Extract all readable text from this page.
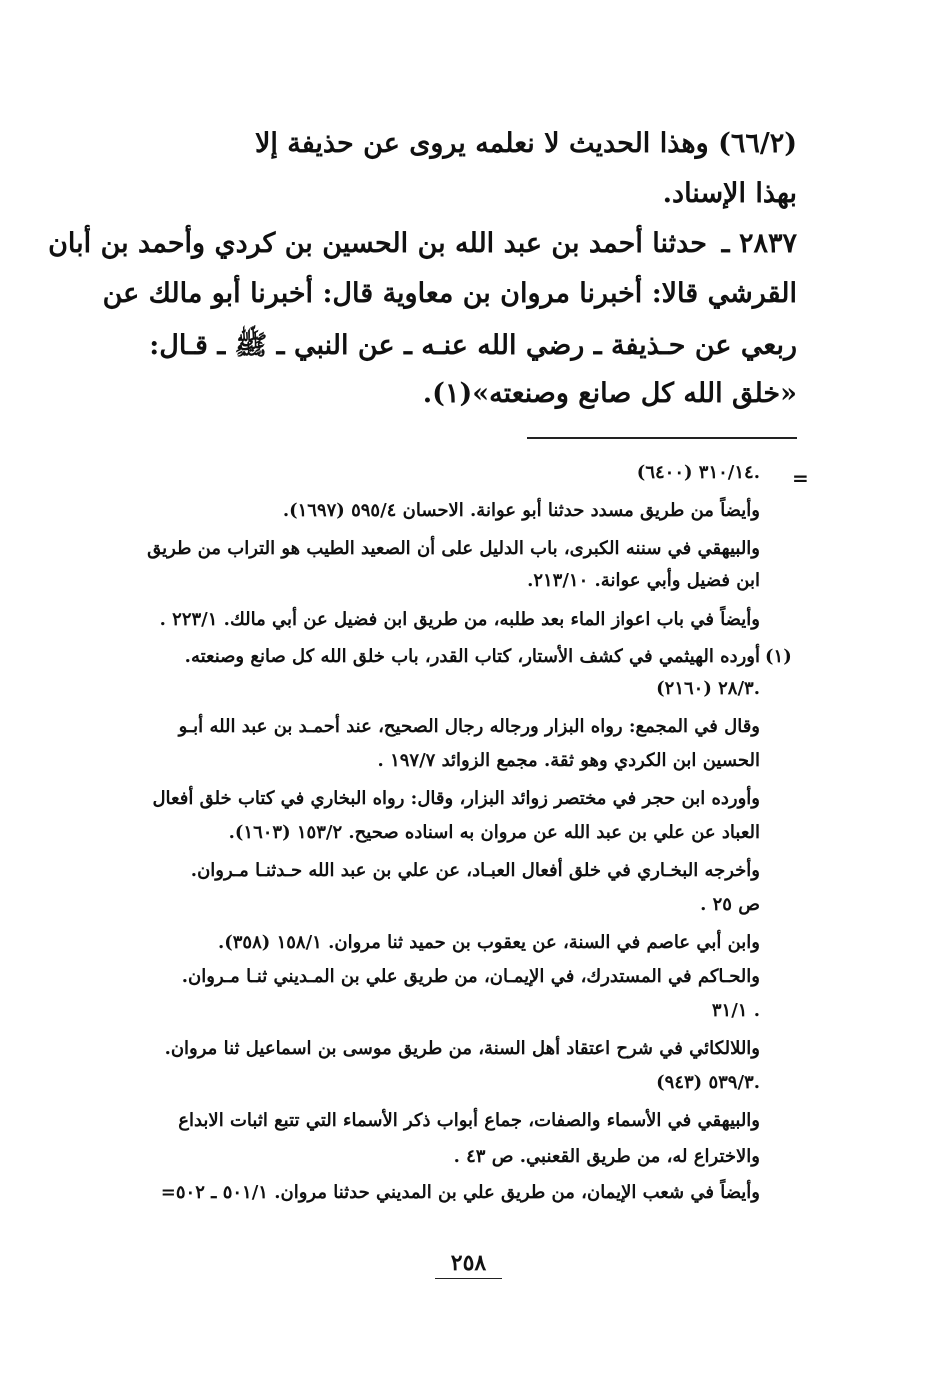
(٦٦/٢) وهذا الحديث لا نعلمه يروى عن حذيفة إلا
بهذا الإسناد.
٢٨٣٧ ـ
حدثنا أحمد بن عبد الله بن الحسين بن كردي وأحمد بن أبان
القرشي قالا: أخبرنا مروان بن معاوية قال: أخبرنا أبو مالك عن
ربعي عن حـذيفة ـ رضي الله عنـه ـ عن النبي ـ ﷺ ـ قـال:
«خلق الله كل صانع وصنعته»(١).
=
٣١٠/١٤ (٦٤٠٠).
وأيضاً من طريق مسدد حدثنا أبو عوانة. الاحسان ٥٩٥/٤ (١٦٩٧).
والبيهقي في سننه الكبرى، باب الدليل على أن الصعيد الطيب هو التراب من طريق
ابن فضيل وأبي عوانة. ٢١٣/١٠.
وأيضاً في باب اعواز الماء بعد طلبه، من طريق ابن فضيل عن أبي مالك. ٢٢٣/١ .
(١)
أورده الهيثمي في كشف الأستار، كتاب القدر، باب خلق الله كل صانع وصنعته.
٢٨/٣ (٢١٦٠).
وقال في المجمع: رواه البزار ورجاله رجال الصحيح، عند أحمـد بن عبد الله أبـو
الحسين ابن الكردي وهو ثقة. مجمع الزوائد ١٩٧/٧ .
وأورده ابن حجر في مختصر زوائد البزار، وقال: رواه البخاري في كتاب خلق أفعال
العباد عن علي بن عبد الله عن مروان به اسناده صحيح. ١٥٣/٢ (١٦٠٣).
وأخرجه البخـاري في خلق أفعال العبـاد، عن علي بن عبد الله حـدثنـا مـروان.
ص ٢٥ .
وابن أبي عاصم في السنة، عن يعقوب بن حميد ثنا مروان. ١٥٨/١ (٣٥٨).
والحـاكم في المستدرك، في الإيمـان، من طريق علي بن المـديني ثنـا مـروان.
٣١/١ .
واللالكائي في شرح اعتقاد أهل السنة، من طريق موسى بن اسماعيل ثنا مروان.
٥٣٩/٣ (٩٤٣).
والبيهقي في الأسماء والصفات، جماع أبواب ذكر الأسماء التي تتبع اثبات الابداع
والاختراع له، من طريق القعنبي. ص ٤٣ .
وأيضاً في شعب الإيمان، من طريق علي بن المديني حدثنا مروان. ٥٠١/١ ـ ٥٠٢=
٢٥٨
